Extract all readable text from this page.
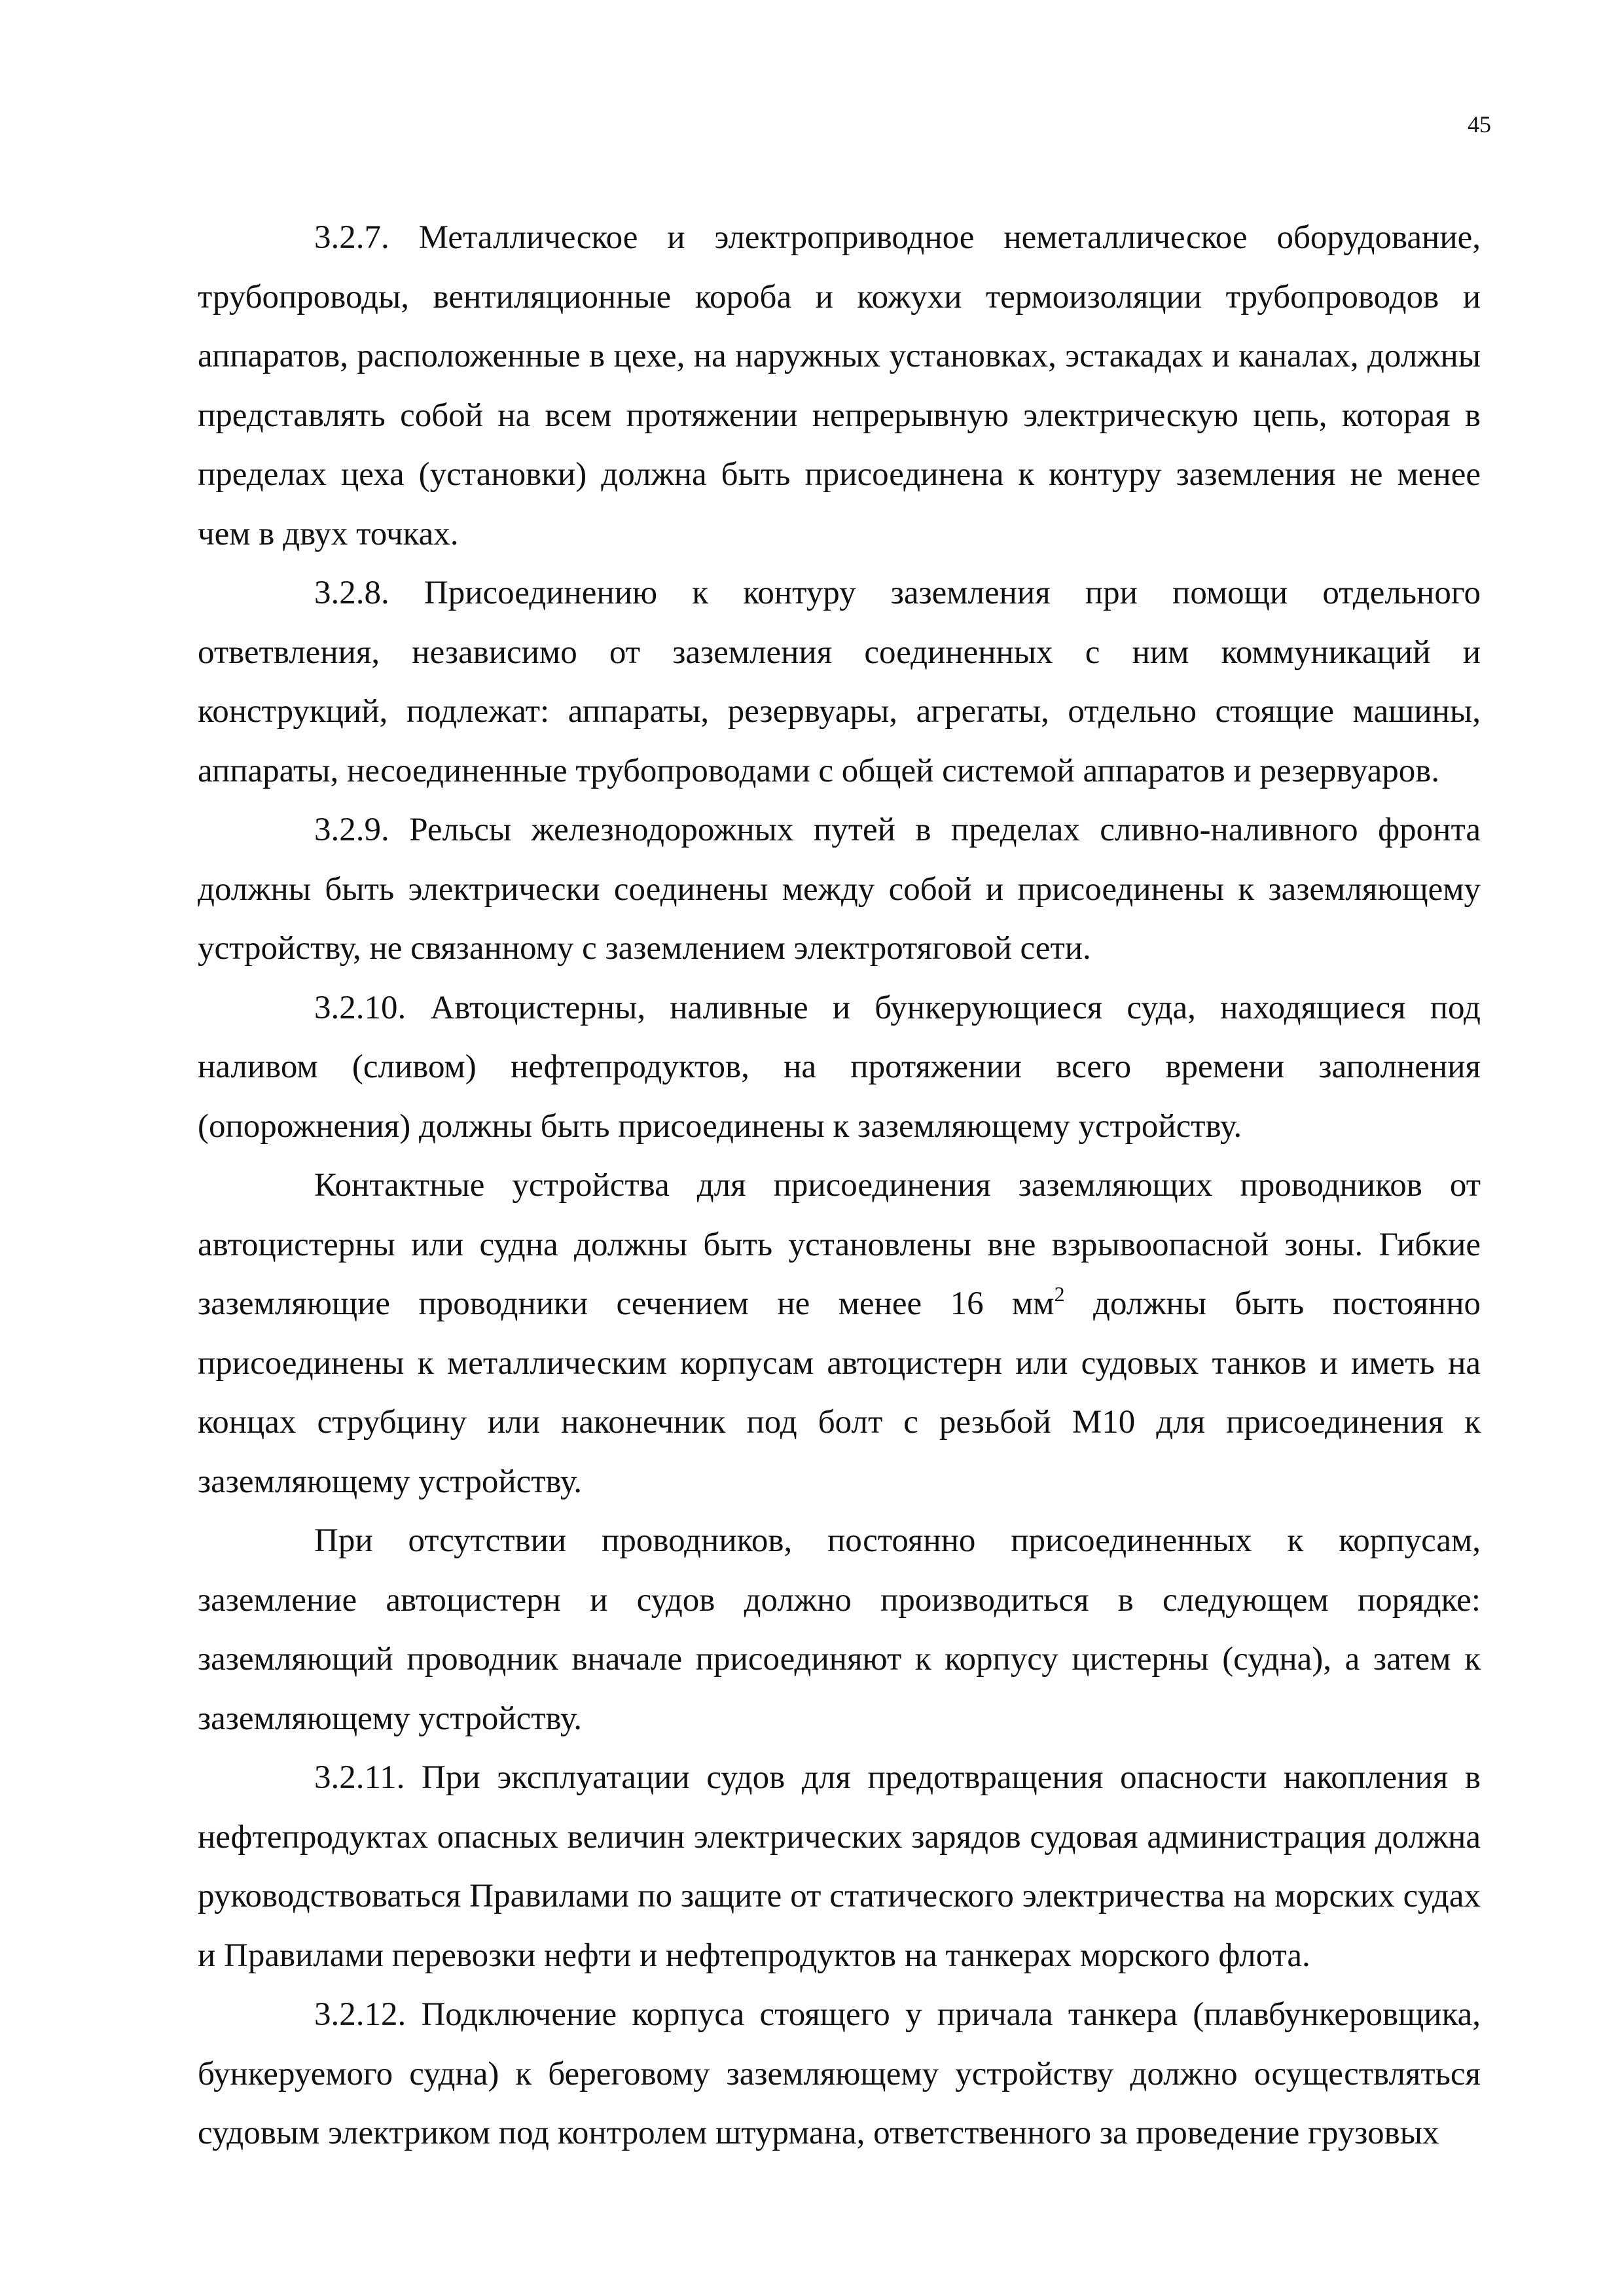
45

3.2.7. Металлическое и электроприводное неметаллическое оборудование, трубопроводы, вентиляционные короба и кожухи термоизоляции трубопроводов и аппаратов, расположенные в цехе, на наружных установках, эстакадах и каналах, должны представлять собой на всем протяжении непрерывную электрическую цепь, которая в пределах цеха (установки) должна быть присоединена к контуру заземления не менее чем в двух точках.

3.2.8. Присоединению к контуру заземления при помощи отдельного ответвления, независимо от заземления соединенных с ним коммуникаций и конструкций, подлежат: аппараты, резервуары, агрегаты, отдельно стоящие машины, аппараты, несоединенные трубопроводами с общей системой аппаратов и резервуаров.

3.2.9. Рельсы железнодорожных путей в пределах сливно-наливного фронта должны быть электрически соединены между собой и присоединены к заземляющему устройству, не связанному с заземлением электротяговой сети.

3.2.10. Автоцистерны, наливные и бункерующиеся суда, находящиеся под наливом (сливом) нефтепродуктов, на протяжении всего времени заполнения (опорожнения) должны быть присоединены к заземляющему устройству.

Контактные устройства для присоединения заземляющих проводников от автоцистерны или судна должны быть установлены вне взрывоопасной зоны. Гибкие заземляющие проводники сечением не менее 16 $мм^2$ должны быть постоянно присоединены к металлическим корпусам автоцистерн или судовых танков и иметь на концах струбцину или наконечник под болт с резьбой М10 для присоединения к заземляющему устройству.

При отсутствии проводников, постоянно присоединенных к корпусам, заземление автоцистерн и судов должно производиться в следующем порядке: заземляющий проводник вначале присоединяют к корпусу цистерны (судна), а затем к заземляющему устройству.

3.2.11. При эксплуатации судов для предотвращения опасности накопления в нефтепродуктах опасных величин электрических зарядов судовая администрация должна руководствоваться Правилами по защите от статического электричества на морских судах и Правилами перевозки нефти и нефтепродуктов на танкерах морского флота.

3.2.12. Подключение корпуса стоящего у причала танкера (плавбункеровщика, бункеруемого судна) к береговому заземляющему устройству должно осуществляться судовым электриком под контролем штурмана, ответственного за проведение грузовых
